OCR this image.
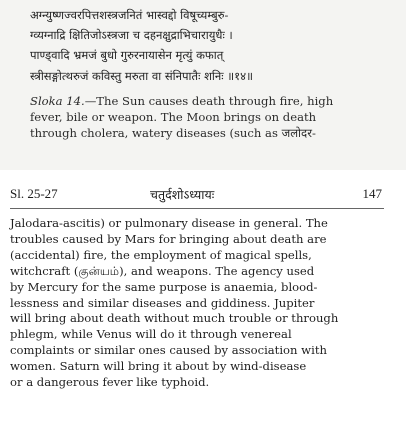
अग्न्युष्णज्वरपित्तशस्त्रजनितं भास्वद्दो विषूच्यम्बुरु-
ग्व्यग्नाद्रि क्षितिजोऽस्त्रजा च दहनक्षुद्राभिचारायुधैः ।
पाण्ड्वादि भ्रमजं बुधो गुरुरनायासेन मृत्युं कफात्
स्त्रीसङ्गोत्थरुजं कविस्तु मरुता वा संनिपातैः शनिः ॥१४॥

Sloka 14.—The Sun causes death through fire, high
fever, bile or weapon. The Moon brings on death
through cholera, watery diseases (such as जलोदर-

Sl. 25-27	चतुर्दशोऽध्यायः	147

Jalodara-ascitis) or pulmonary disease in general. The
troubles caused by Mars for bringing about death are
(accidental) fire, the employment of magical spells,
witchcraft (குன்யம்), and weapons. The agency used
by Mercury for the same purpose is anaemia, blood-
lessness and similar diseases and giddiness. Jupiter
will bring about death without much trouble or through
phlegm, while Venus will do it through venereal
complaints or similar ones caused by association with
women. Saturn will bring it about by wind-disease
or a dangerous fever like typhoid.
